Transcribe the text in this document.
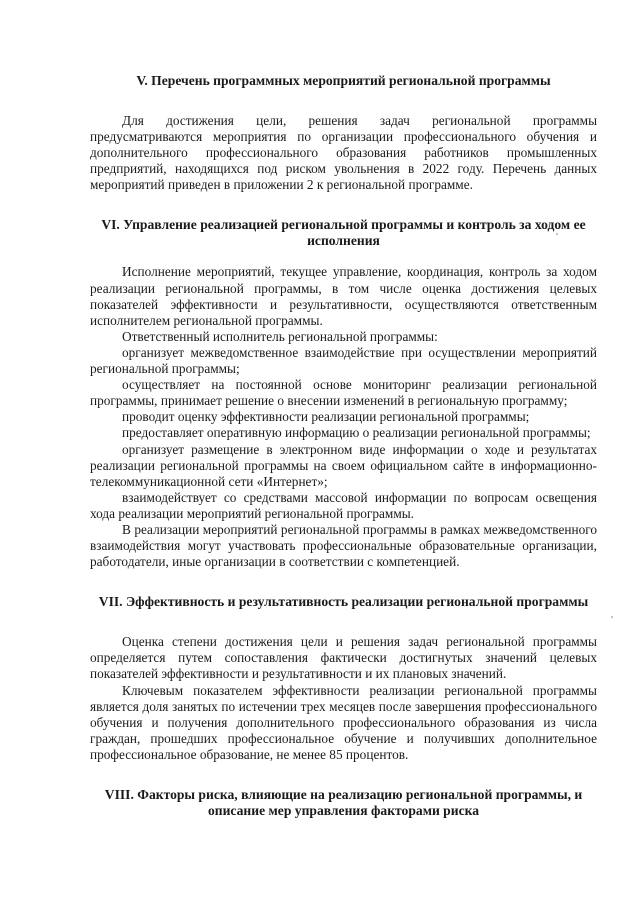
V. Перечень программных мероприятий региональной программы

Для достижения цели, решения задач региональной программы предусматриваются мероприятия по организации профессионального обучения и дополнительного профессионального образования работников промышленных предприятий, находящихся под риском увольнения в 2022 году. Перечень данных мероприятий приведен в приложении 2 к региональной программе.

VI. Управление реализацией региональной программы и контроль за ходом ее исполнения

Исполнение мероприятий, текущее управление, координация, контроль за ходом реализации региональной программы, в том числе оценка достижения целевых показателей эффективности и результативности, осуществляются ответственным исполнителем региональной программы.

Ответственный исполнитель региональной программы:

организует межведомственное взаимодействие при осуществлении мероприятий региональной программы;

осуществляет на постоянной основе мониторинг реализации региональной программы, принимает решение о внесении изменений в региональную программу;

проводит оценку эффективности реализации региональной программы;

предоставляет оперативную информацию о реализации региональной программы;

организует размещение в электронном виде информации о ходе и результатах реализации региональной программы на своем официальном сайте в информационно-телекоммуникационной сети «Интернет»;

взаимодействует со средствами массовой информации по вопросам освещения хода реализации мероприятий региональной программы.

В реализации мероприятий региональной программы в рамках межведомственного взаимодействия могут участвовать профессиональные образовательные организации, работодатели, иные организации в соответствии с компетенцией.

VII. Эффективность и результативность реализации региональной программы

Оценка степени достижения цели и решения задач региональной программы определяется путем сопоставления фактически достигнутых значений целевых показателей эффективности и результативности и их плановых значений.

Ключевым показателем эффективности реализации региональной программы является доля занятых по истечении трех месяцев после завершения профессионального обучения и получения дополнительного профессионального образования из числа граждан, прошедших профессиональное обучение и получивших дополнительное профессиональное образование, не менее 85 процентов.

VIII. Факторы риска, влияющие на реализацию региональной программы, и описание мер управления факторами риска
